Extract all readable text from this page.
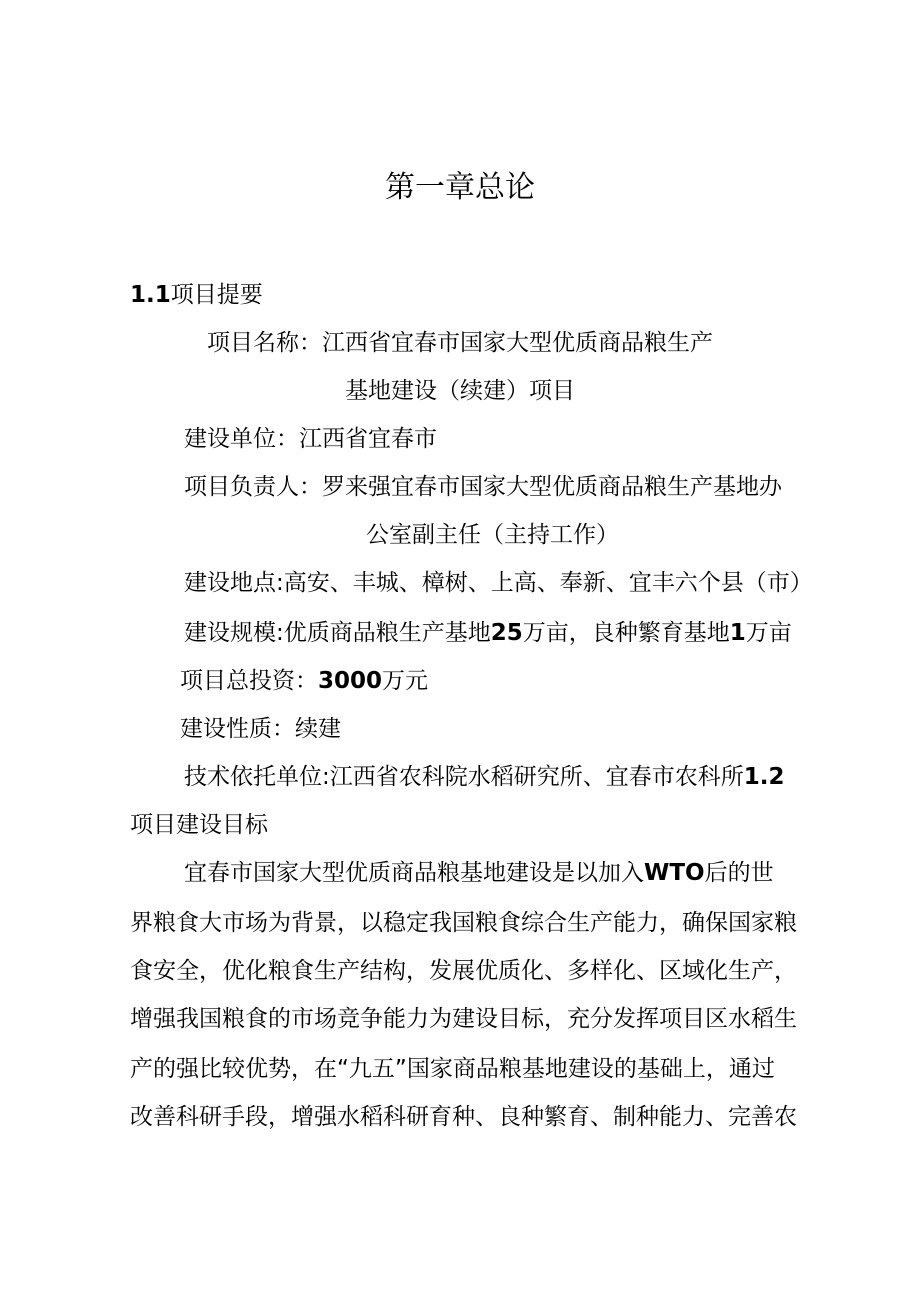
第一章总论
1.1项目提要
项目名称：江西省宜春市国家大型优质商品粮生产
基地建设（续建）项目
建设单位：江西省宜春市
项目负责人：罗来强宜春市国家大型优质商品粮生产基地办
公室副主任（主持工作）
建设地点:高安、丰城、樟树、上高、奉新、宜丰六个县（市）
建设规模:优质商品粮生产基地25万亩，良种繁育基地1万亩
项目总投资：3000万元
建设性质：续建
技术依托单位:江西省农科院水稻研究所、宜春市农科所1.2
项目建设目标
宜春市国家大型优质商品粮基地建设是以加入WTO后的世
界粮食大市场为背景，以稳定我国粮食综合生产能力，确保国家粮
食安全，优化粮食生产结构，发展优质化、多样化、区域化生产，
增强我国粮食的市场竞争能力为建设目标，充分发挥项目区水稻生
产的强比较优势，在“九五”国家商品粮基地建设的基础上，通过
改善科研手段，增强水稻科研育种、良种繁育、制种能力、完善农
